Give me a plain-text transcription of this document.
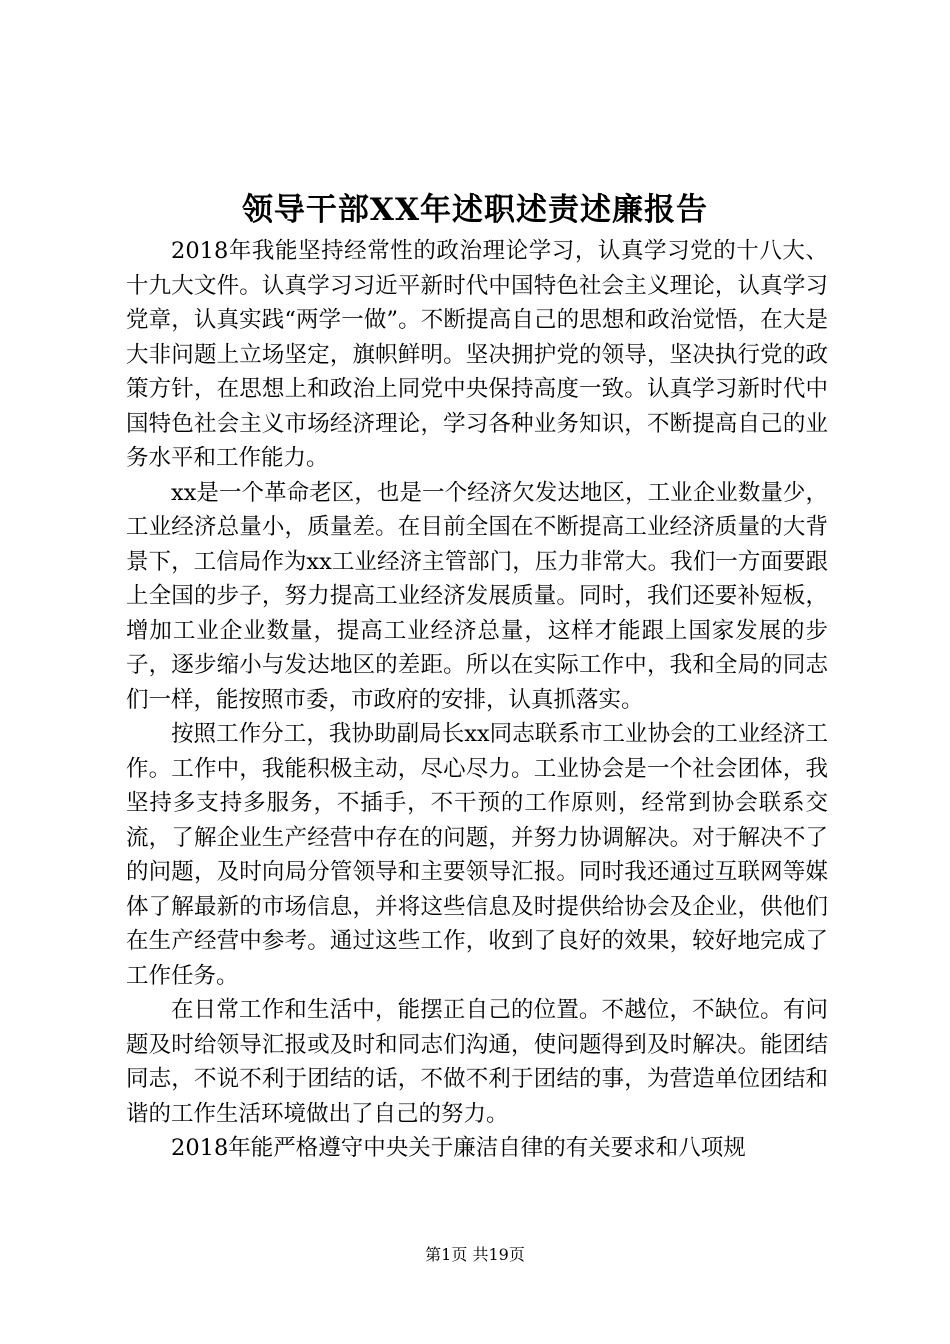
领导干部XX年述职述责述廉报告

2018年我能坚持经常性的政治理论学习，认真学习党的十八大、十九大文件。认真学习习近平新时代中国特色社会主义理论，认真学习党章，认真实践“两学一做”。不断提高自己的思想和政治觉悟，在大是大非问题上立场坚定，旗帜鲜明。坚决拥护党的领导，坚决执行党的政策方针，在思想上和政治上同党中央保持高度一致。认真学习新时代中国特色社会主义市场经济理论，学习各种业务知识，不断提高自己的业务水平和工作能力。

xx是一个革命老区，也是一个经济欠发达地区，工业企业数量少，工业经济总量小，质量差。在目前全国在不断提高工业经济质量的大背景下，工信局作为xx工业经济主管部门，压力非常大。我们一方面要跟上全国的步子，努力提高工业经济发展质量。同时，我们还要补短板，增加工业企业数量，提高工业经济总量，这样才能跟上国家发展的步子，逐步缩小与发达地区的差距。所以在实际工作中，我和全局的同志们一样，能按照市委，市政府的安排，认真抓落实。

按照工作分工，我协助副局长xx同志联系市工业协会的工业经济工作。工作中，我能积极主动，尽心尽力。工业协会是一个社会团体，我坚持多支持多服务，不插手，不干预的工作原则，经常到协会联系交流，了解企业生产经营中存在的问题，并努力协调解决。对于解决不了的问题，及时向局分管领导和主要领导汇报。同时我还通过互联网等媒体了解最新的市场信息，并将这些信息及时提供给协会及企业，供他们在生产经营中参考。通过这些工作，收到了良好的效果，较好地完成了工作任务。

在日常工作和生活中，能摆正自己的位置。不越位，不缺位。有问题及时给领导汇报或及时和同志们沟通，使问题得到及时解决。能团结同志，不说不利于团结的话，不做不利于团结的事，为营造单位团结和谐的工作生活环境做出了自己的努力。

2018年能严格遵守中央关于廉洁自律的有关要求和八项规

第1页 共19页
